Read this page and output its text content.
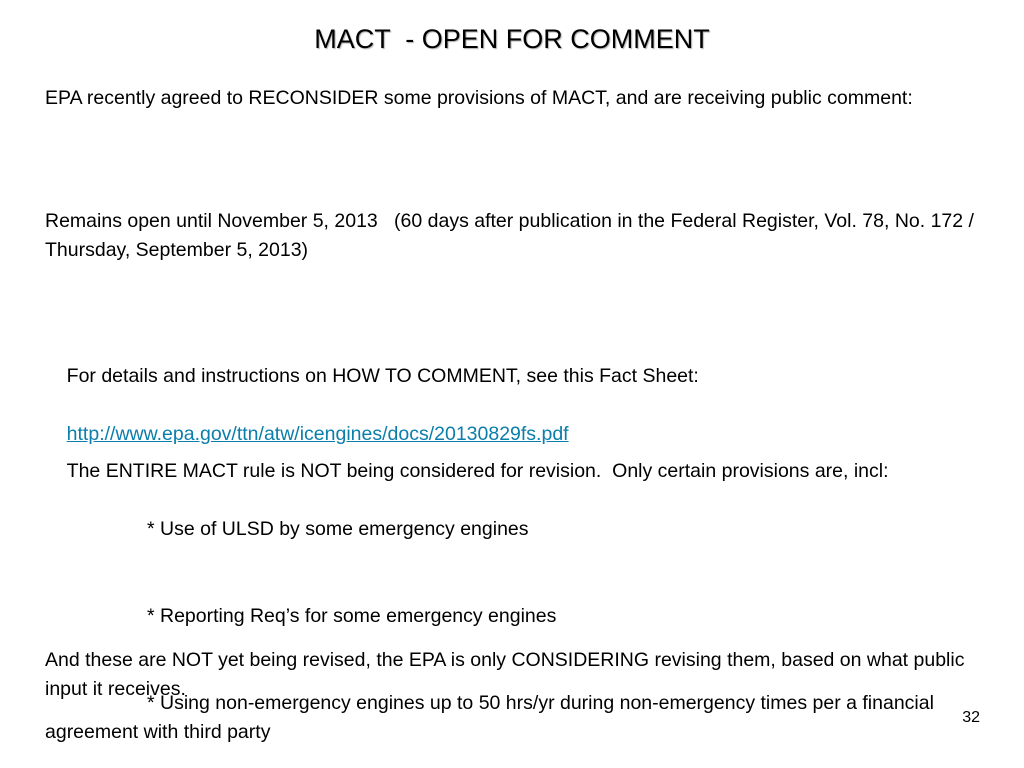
MACT  - OPEN FOR COMMENT

EPA recently agreed to RECONSIDER some provisions of MACT, and are receiving public comment:

Remains open until November 5, 2013   (60 days after publication in the Federal Register, Vol. 78, No. 172 / Thursday, September 5, 2013)

For details and instructions on HOW TO COMMENT, see this Fact Sheet:

http://www.epa.gov/ttn/atw/icengines/docs/20130829fs.pdf

The ENTIRE MACT rule is NOT being considered for revision.  Only certain provisions are, incl:

* Use of ULSD by some emergency engines

* Reporting Req’s for some emergency engines

* Using non-emergency engines up to 50 hrs/yr during non-emergency times per a financial agreement with third party

And these are NOT yet being revised, the EPA is only CONSIDERING revising them, based on what public input it receives.

32
